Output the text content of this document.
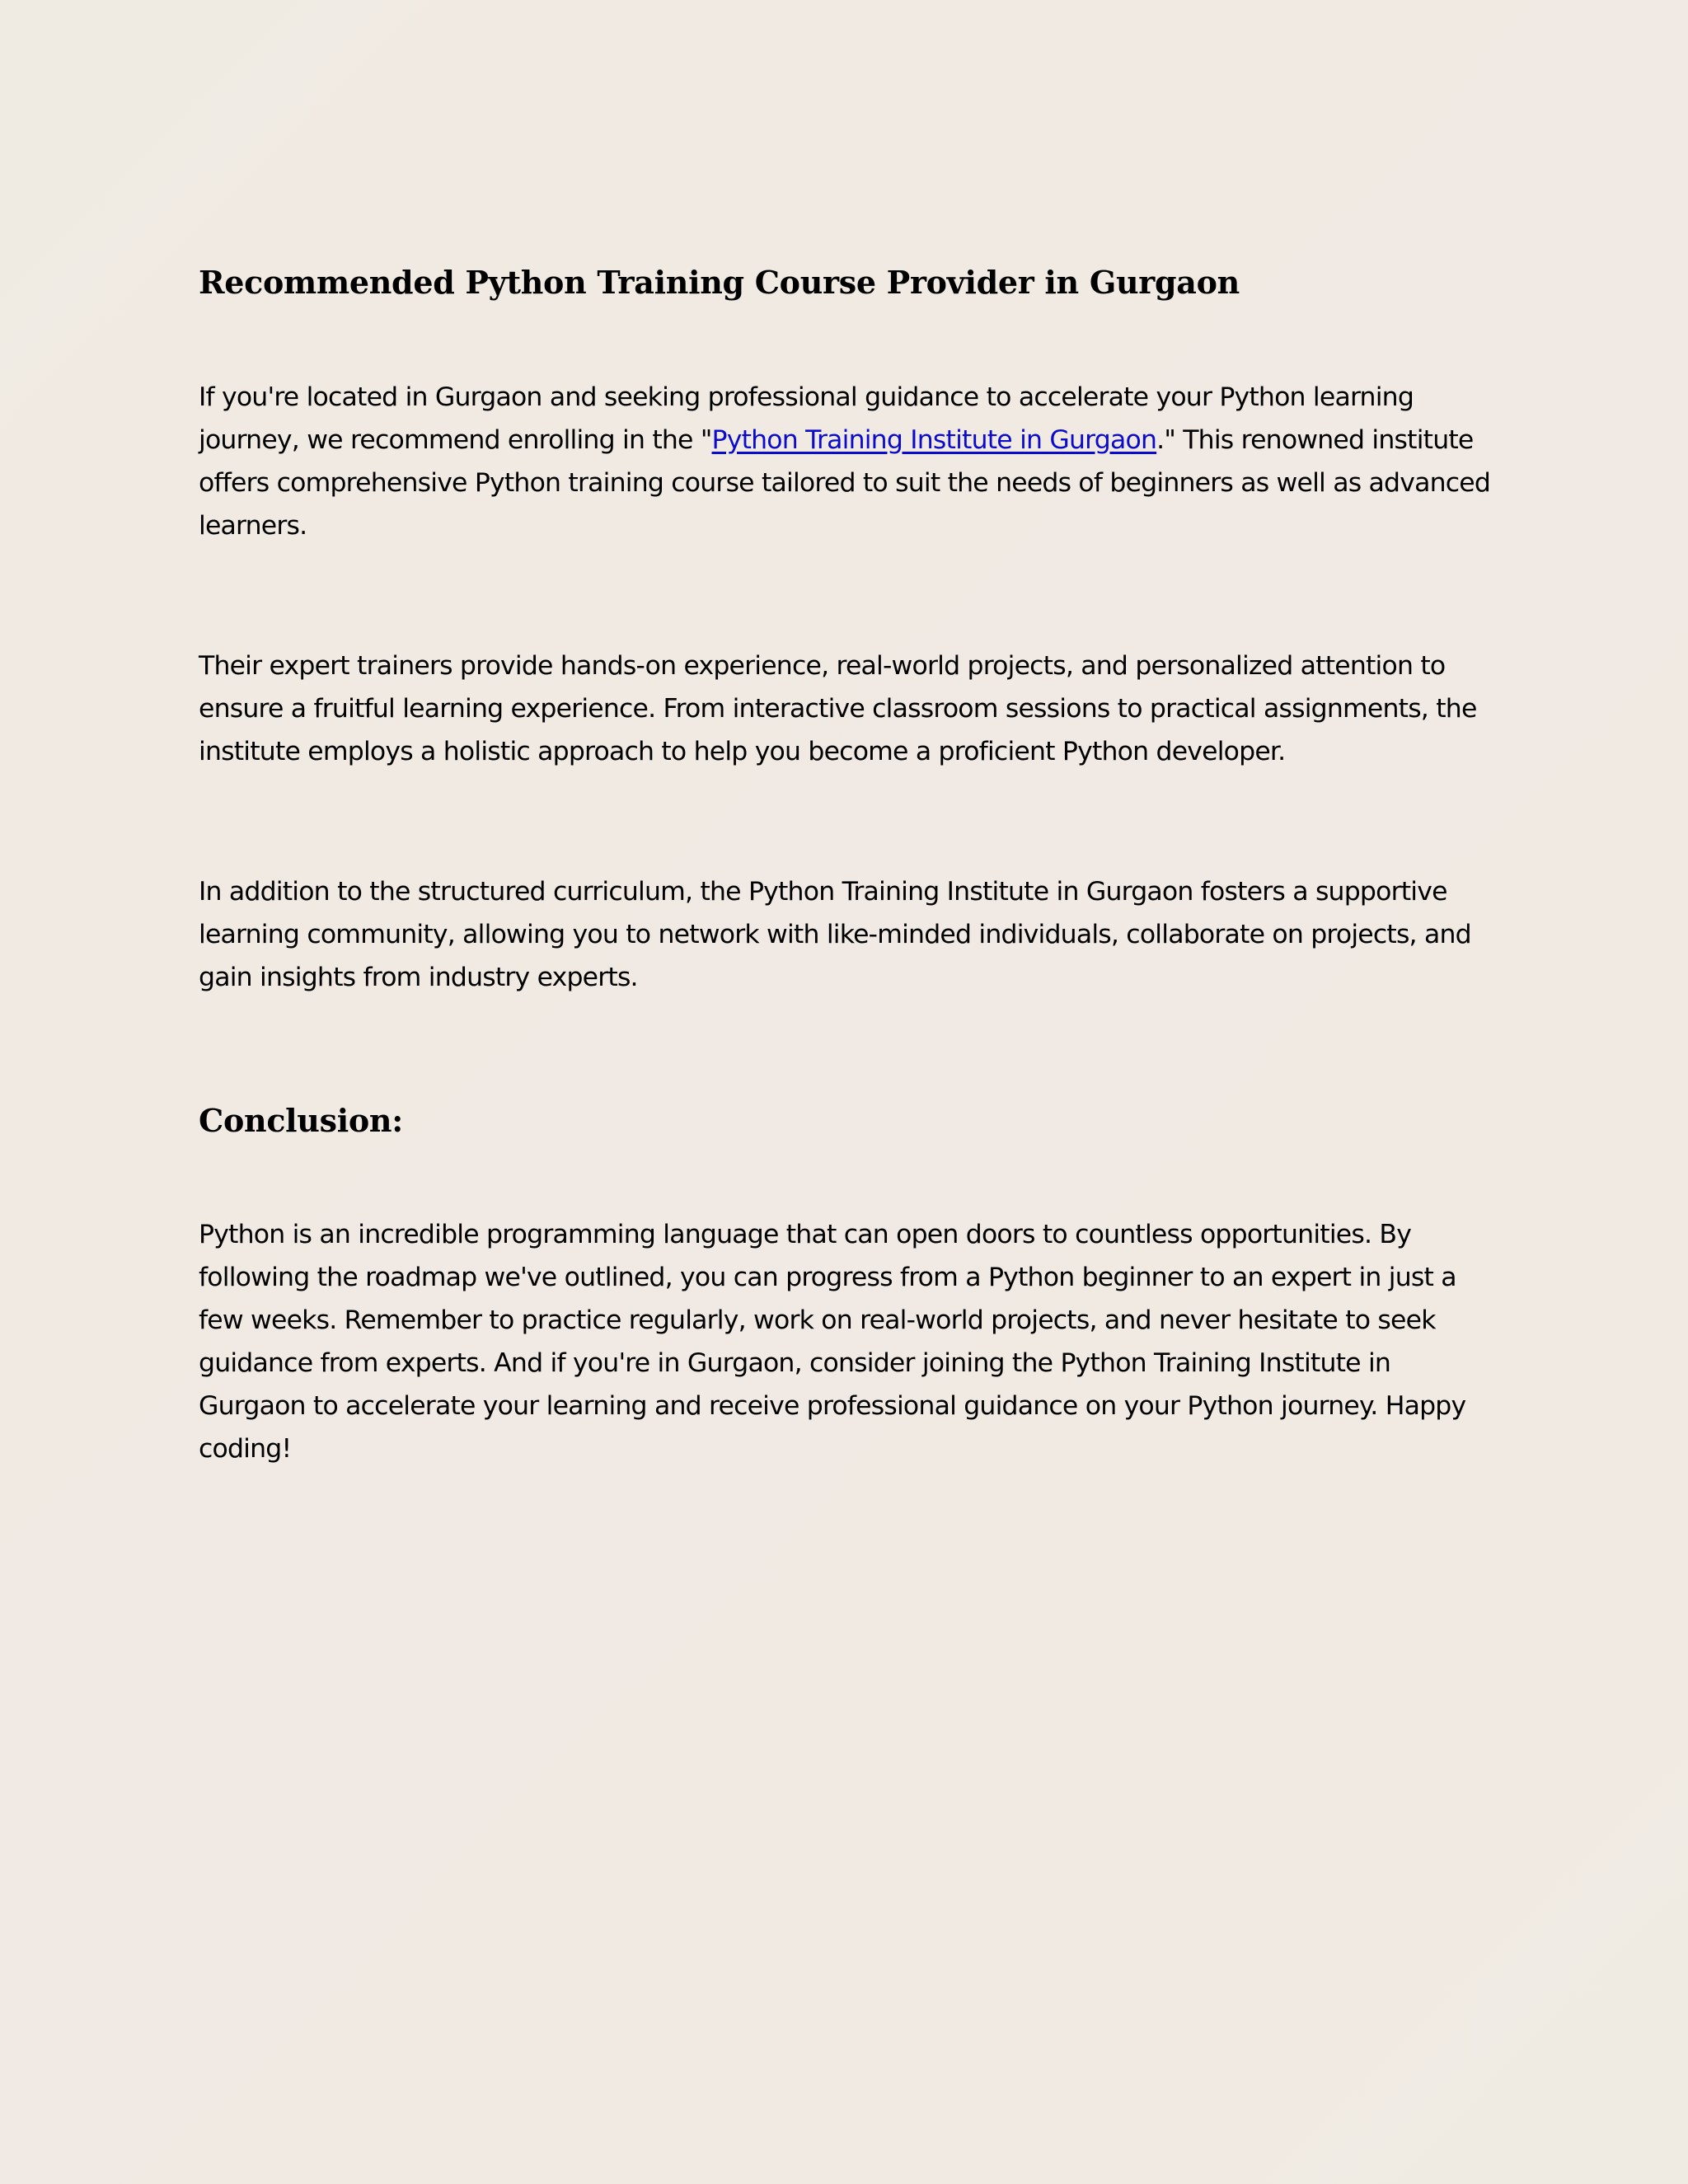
Recommended Python Training Course Provider in Gurgaon

If you're located in Gurgaon and seeking professional guidance to accelerate your Python learning journey, we recommend enrolling in the "Python Training Institute in Gurgaon." This renowned institute offers comprehensive Python training course tailored to suit the needs of beginners as well as advanced learners.

Their expert trainers provide hands-on experience, real-world projects, and personalized attention to ensure a fruitful learning experience. From interactive classroom sessions to practical assignments, the institute employs a holistic approach to help you become a proficient Python developer.

In addition to the structured curriculum, the Python Training Institute in Gurgaon fosters a supportive learning community, allowing you to network with like-minded individuals, collaborate on projects, and gain insights from industry experts.

Conclusion:

Python is an incredible programming language that can open doors to countless opportunities. By following the roadmap we've outlined, you can progress from a Python beginner to an expert in just a few weeks. Remember to practice regularly, work on real-world projects, and never hesitate to seek guidance from experts. And if you're in Gurgaon, consider joining the Python Training Institute in Gurgaon to accelerate your learning and receive professional guidance on your Python journey. Happy coding!
